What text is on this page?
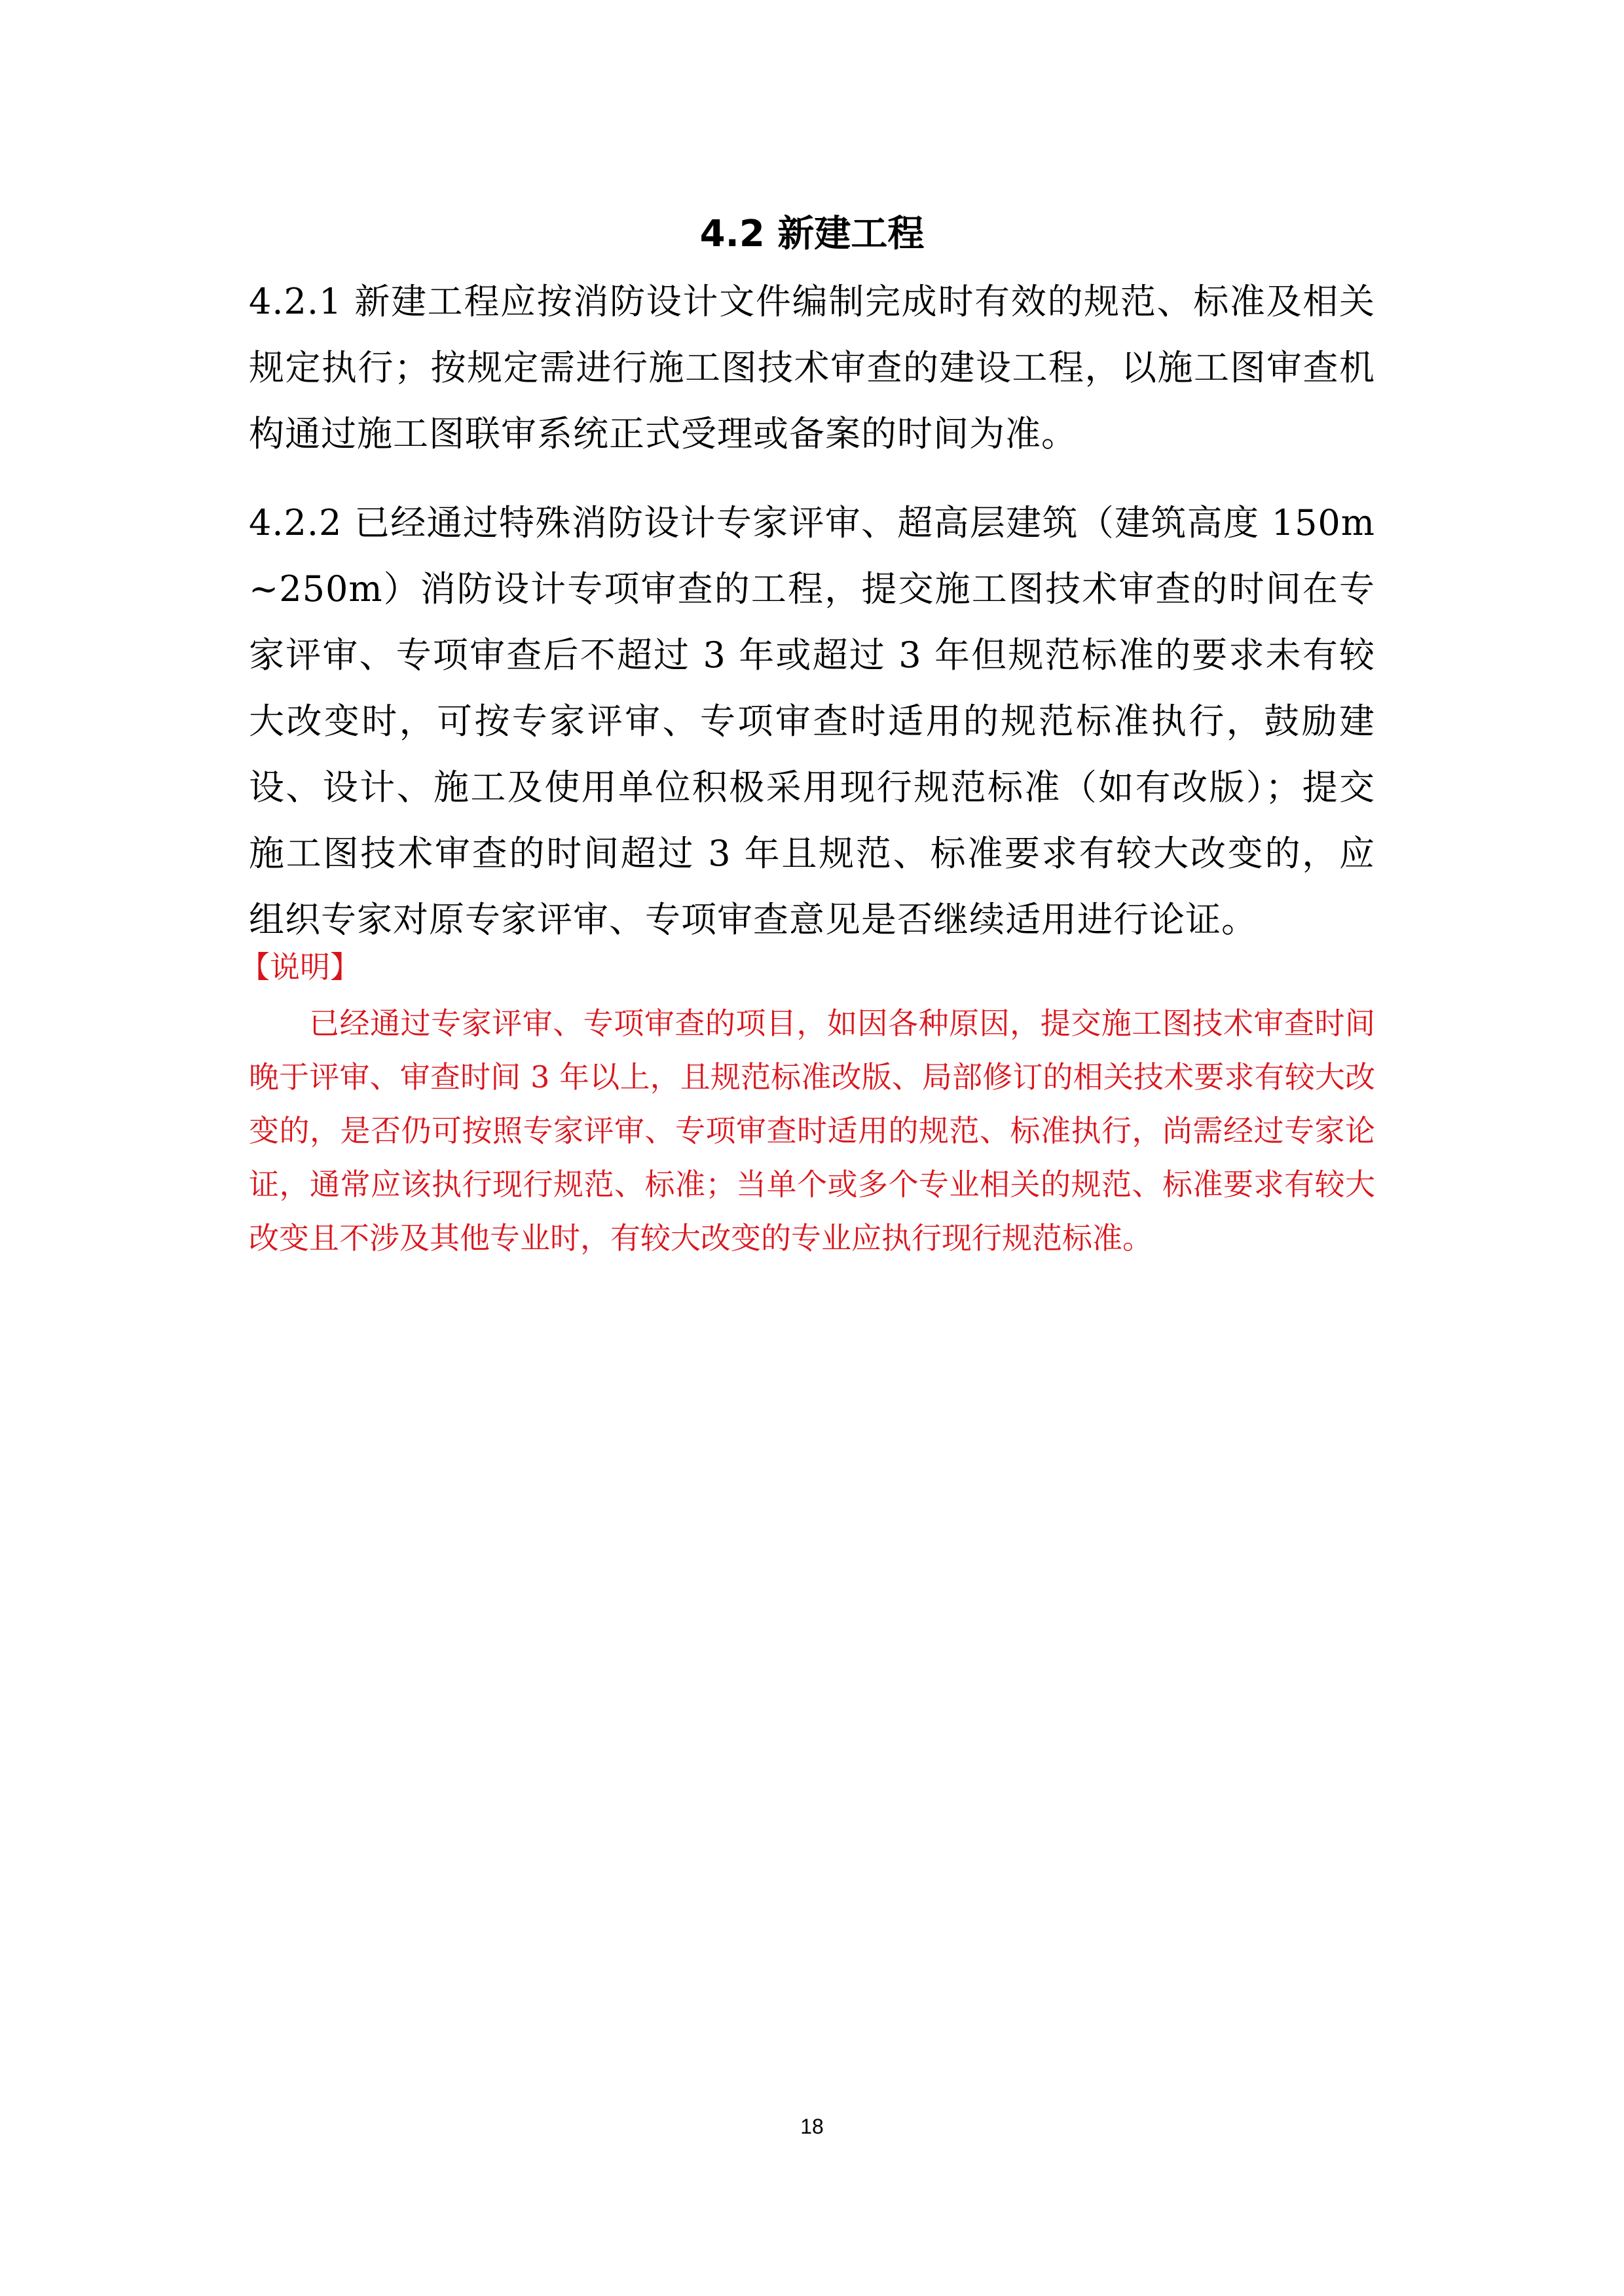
4.2 新建工程

4.2.1 新建工程应按消防设计文件编制完成时有效的规范、标准及相关规定执行；按规定需进行施工图技术审查的建设工程，以施工图审查机构通过施工图联审系统正式受理或备案的时间为准。

4.2.2 已经通过特殊消防设计专家评审、超高层建筑（建筑高度 150m ~250m）消防设计专项审查的工程，提交施工图技术审查的时间在专家评审、专项审查后不超过 3 年或超过 3 年但规范标准的要求未有较大改变时，可按专家评审、专项审查时适用的规范标准执行，鼓励建设、设计、施工及使用单位积极采用现行规范标准（如有改版）；提交施工图技术审查的时间超过 3 年且规范、标准要求有较大改变的，应组织专家对原专家评审、专项审查意见是否继续适用进行论证。

【说明】

已经通过专家评审、专项审查的项目，如因各种原因，提交施工图技术审查时间晚于评审、审查时间 3 年以上，且规范标准改版、局部修订的相关技术要求有较大改变的，是否仍可按照专家评审、专项审查时适用的规范、标准执行，尚需经过专家论证，通常应该执行现行规范、标准；当单个或多个专业相关的规范、标准要求有较大改变且不涉及其他专业时，有较大改变的专业应执行现行规范标准。

18
